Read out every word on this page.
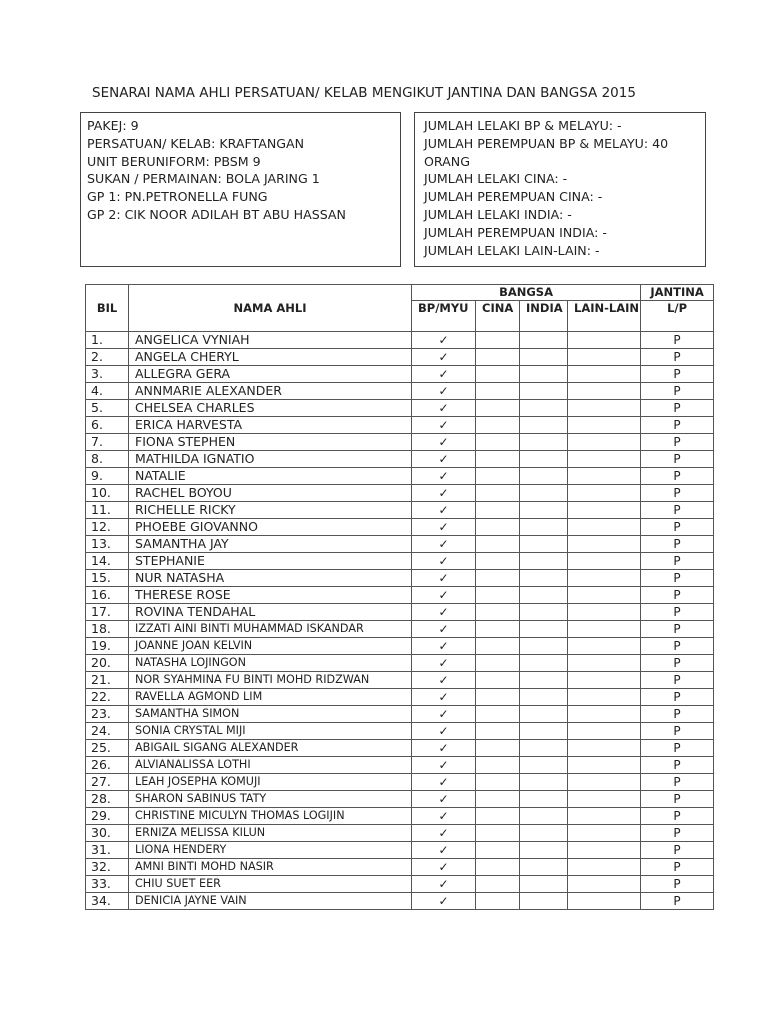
SENARAI NAMA AHLI PERSATUAN/ KELAB MENGIKUT JANTINA DAN BANGSA 2015
PAKEJ: 9
PERSATUAN/ KELAB: KRAFTANGAN
UNIT BERUNIFORM: PBSM 9
SUKAN / PERMAINAN: BOLA JARING 1
GP 1: PN.PETRONELLA FUNG
GP 2: CIK NOOR ADILAH BT ABU HASSAN
JUMLAH LELAKI BP & MELAYU: -
JUMLAH PEREMPUAN BP & MELAYU: 40 ORANG
JUMLAH LELAKI CINA: -
JUMLAH PEREMPUAN CINA: -
JUMLAH LELAKI INDIA: -
JUMLAH PEREMPUAN INDIA: -
JUMLAH LELAKI LAIN-LAIN: -
BIL	NAMA AHLI	BANGSA				JANTINA
		BP/MYU	CINA	INDIA	LAIN-LAIN	L/P
1.	ANGELICA VYNIAH	✓				P
2.	ANGELA CHERYL	✓				P
3.	ALLEGRA GERA	✓				P
4.	ANNMARIE ALEXANDER	✓				P
5.	CHELSEA CHARLES	✓				P
6.	ERICA HARVESTA	✓				P
7.	FIONA STEPHEN	✓				P
8.	MATHILDA IGNATIO	✓				P
9.	NATALIE	✓				P
10.	RACHEL BOYOU	✓				P
11.	RICHELLE RICKY	✓				P
12.	PHOEBE GIOVANNO	✓				P
13.	SAMANTHA JAY	✓				P
14.	STEPHANIE	✓				P
15.	NUR NATASHA	✓				P
16.	THERESE ROSE	✓				P
17.	ROVINA TENDAHAL	✓				P
18.	IZZATI AINI BINTI MUHAMMAD ISKANDAR	✓				P
19.	JOANNE JOAN KELVIN	✓				P
20.	NATASHA LOJINGON	✓				P
21.	NOR SYAHMINA FU BINTI MOHD RIDZWAN	✓				P
22.	RAVELLA AGMOND LIM	✓				P
23.	SAMANTHA SIMON	✓				P
24.	SONIA CRYSTAL MIJI	✓				P
25.	ABIGAIL SIGANG ALEXANDER	✓				P
26.	ALVIANALISSA LOTHI	✓				P
27.	LEAH JOSEPHA KOMUJI	✓				P
28.	SHARON SABINUS TATY	✓				P
29.	CHRISTINE MICULYN THOMAS LOGIJIN	✓				P
30.	ERNIZA MELISSA KILUN	✓				P
31.	LIONA HENDERY	✓				P
32.	AMNI BINTI MOHD NASIR	✓				P
33.	CHIU SUET EER	✓				P
34.	DENICIA JAYNE VAIN	✓				P
